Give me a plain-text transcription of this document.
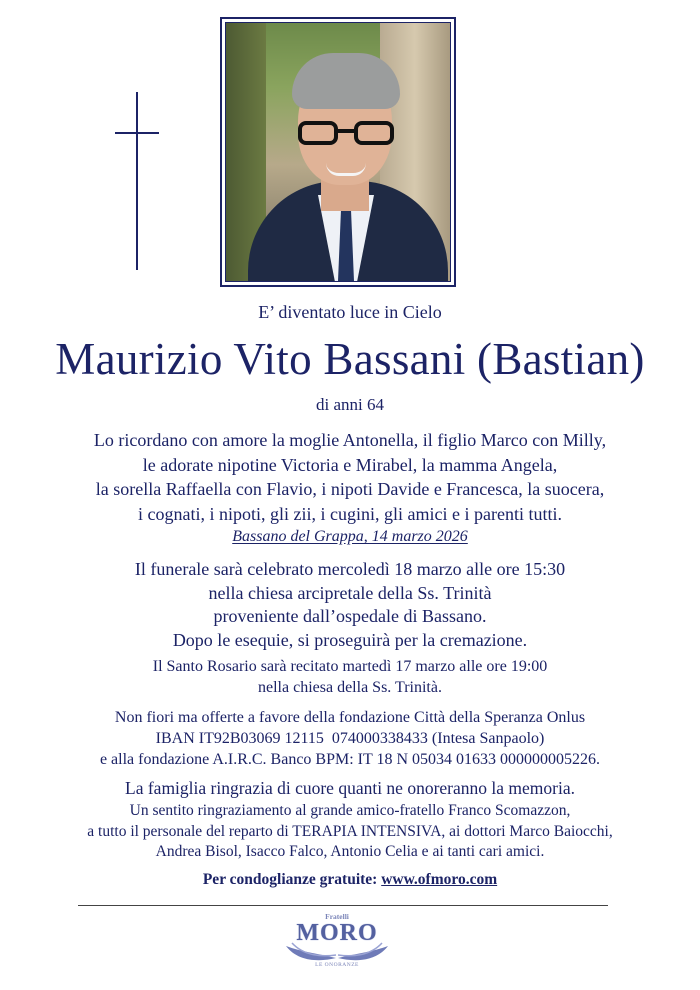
E’ diventato luce in Cielo
Maurizio Vito Bassani (Bastian)
di anni 64
Lo ricordano con amore la moglie Antonella, il figlio Marco con Milly,
le adorate nipotine Victoria e Mirabel, la mamma Angela,
la sorella Raffaella con Flavio, i nipoti Davide e Francesca, la suocera,
i cognati, i nipoti, gli zii, i cugini, gli amici e i parenti tutti.
Bassano del Grappa, 14 marzo 2026
Il funerale sarà celebrato mercoledì 18 marzo alle ore 15:30
nella chiesa arcipretale della Ss. Trinità
proveniente dall’ospedale di Bassano.
Dopo le esequie, si proseguirà per la cremazione.
Il Santo Rosario sarà recitato martedì 17 marzo alle ore 19:00
nella chiesa della Ss. Trinità.
Non fiori ma offerte a favore della fondazione Città della Speranza Onlus
IBAN IT92B03069 12115  074000338433 (Intesa Sanpaolo)
e alla fondazione A.I.R.C. Banco BPM: IT 18 N 05034 01633 000000005226.
La famiglia ringrazia di cuore quanti ne onoreranno la memoria.
Un sentito ringraziamento al grande amico-fratello Franco Scomazzon,
a tutto il personale del reparto di TERAPIA INTENSIVA, ai dottori Marco Baiocchi,
Andrea Bisol, Isacco Falco, Antonio Celia e ai tanti cari amici.
Per condoglianze gratuite: www.ofmoro.com
Fratelli
MORO
LE ONORANZE
